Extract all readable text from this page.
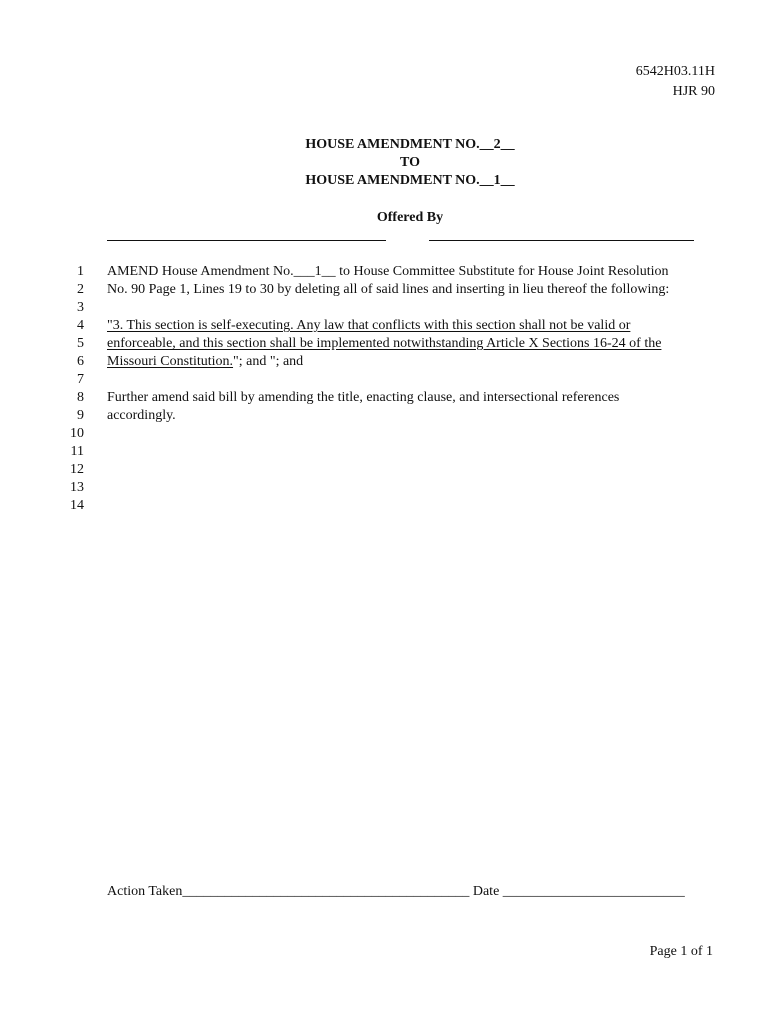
6542H03.11H
HJR 90
HOUSE AMENDMENT NO.__2__
TO
HOUSE AMENDMENT NO.__1__
Offered By
1
2
3
4
5
6
7
8
9
10
11
12
13
14
AMEND House Amendment No.___1__ to House Committee Substitute for House Joint Resolution
No. 90 Page 1, Lines 19 to 30 by deleting all of said lines and inserting in lieu thereof the following:
"3. This section is self-executing. Any law that conflicts with this section shall not be valid or
enforceable, and this section shall be implemented notwithstanding Article X Sections 16-24 of the
Missouri Constitution."; and "; and
Further amend said bill by amending the title, enacting clause, and intersectional references
accordingly.
Action Taken_________________________________________ Date __________________________
Page 1 of 1
